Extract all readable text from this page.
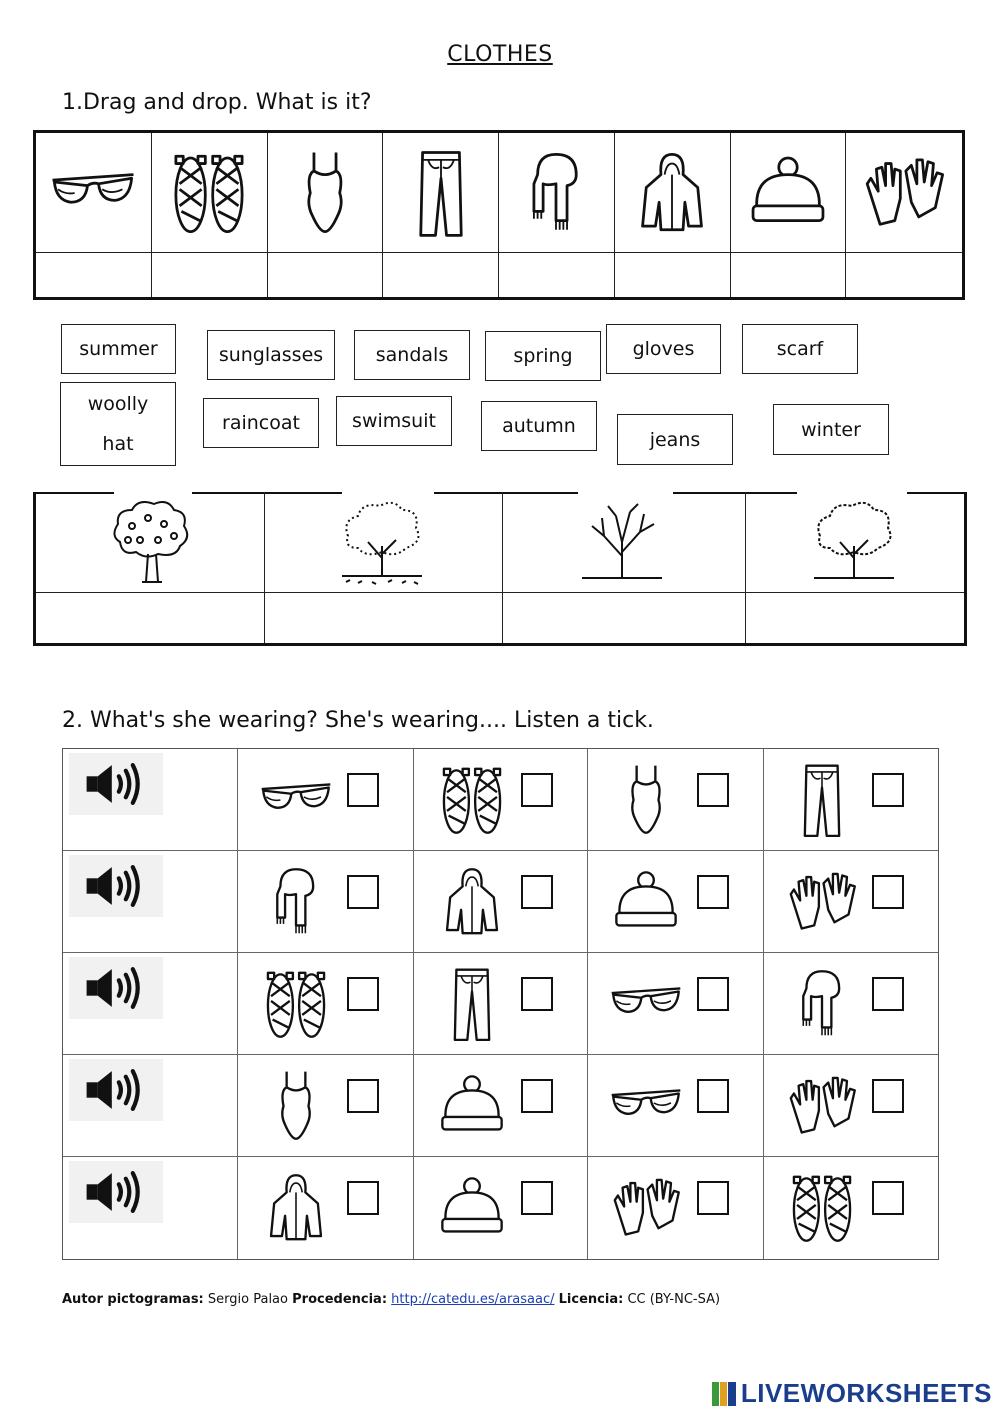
CLOTHES
1.Drag and drop. What is it?
summer	sunglasses	sandals	spring	gloves	scarf
woolly
hat
raincoat	swimsuit	autumn
jeans	winter
2. What's she wearing? She's wearing.... Listen a tick.
Autor pictogramas: Sergio Palao Procedencia: http://catedu.es/arasaac/ Licencia: CC (BY-NC-SA)
LIVEWORKSHEETS
